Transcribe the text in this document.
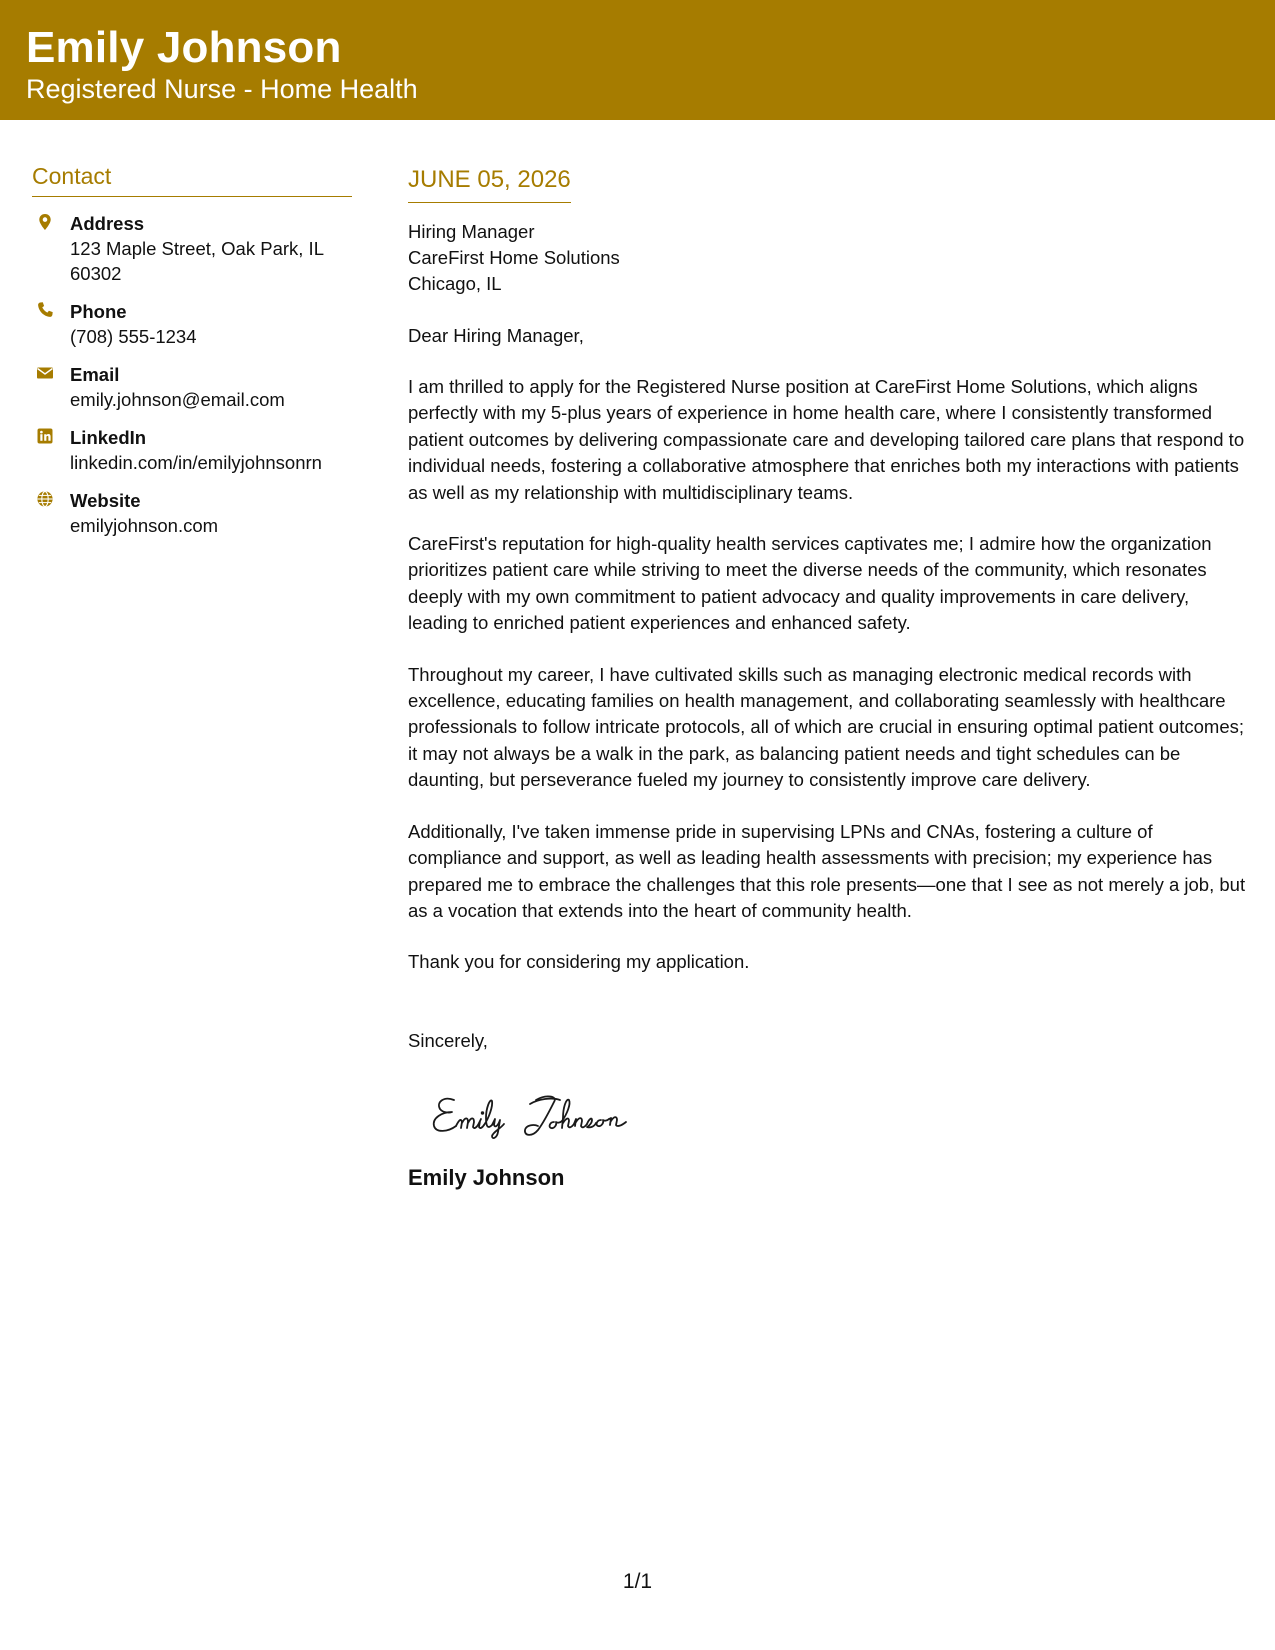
Emily Johnson
Registered Nurse - Home Health
Contact
Address
123 Maple Street, Oak Park, IL 60302
Phone
(708) 555-1234
Email
emily.johnson@email.com
LinkedIn
linkedin.com/in/emilyjohnsonrn
Website
emilyjohnson.com
JUNE 05, 2026
Hiring Manager
CareFirst Home Solutions
Chicago, IL
Dear Hiring Manager,
I am thrilled to apply for the Registered Nurse position at CareFirst Home Solutions, which aligns perfectly with my 5-plus years of experience in home health care, where I consistently transformed patient outcomes by delivering compassionate care and developing tailored care plans that respond to individual needs, fostering a collaborative atmosphere that enriches both my interactions with patients as well as my relationship with multidisciplinary teams.
CareFirst's reputation for high-quality health services captivates me; I admire how the organization prioritizes patient care while striving to meet the diverse needs of the community, which resonates deeply with my own commitment to patient advocacy and quality improvements in care delivery, leading to enriched patient experiences and enhanced safety.
Throughout my career, I have cultivated skills such as managing electronic medical records with excellence, educating families on health management, and collaborating seamlessly with healthcare professionals to follow intricate protocols, all of which are crucial in ensuring optimal patient outcomes; it may not always be a walk in the park, as balancing patient needs and tight schedules can be daunting, but perseverance fueled my journey to consistently improve care delivery.
Additionally, I've taken immense pride in supervising LPNs and CNAs, fostering a culture of compliance and support, as well as leading health assessments with precision; my experience has prepared me to embrace the challenges that this role presents—one that I see as not merely a job, but as a vocation that extends into the heart of community health.
Thank you for considering my application.
Sincerely,
Emily Johnson
1/1
